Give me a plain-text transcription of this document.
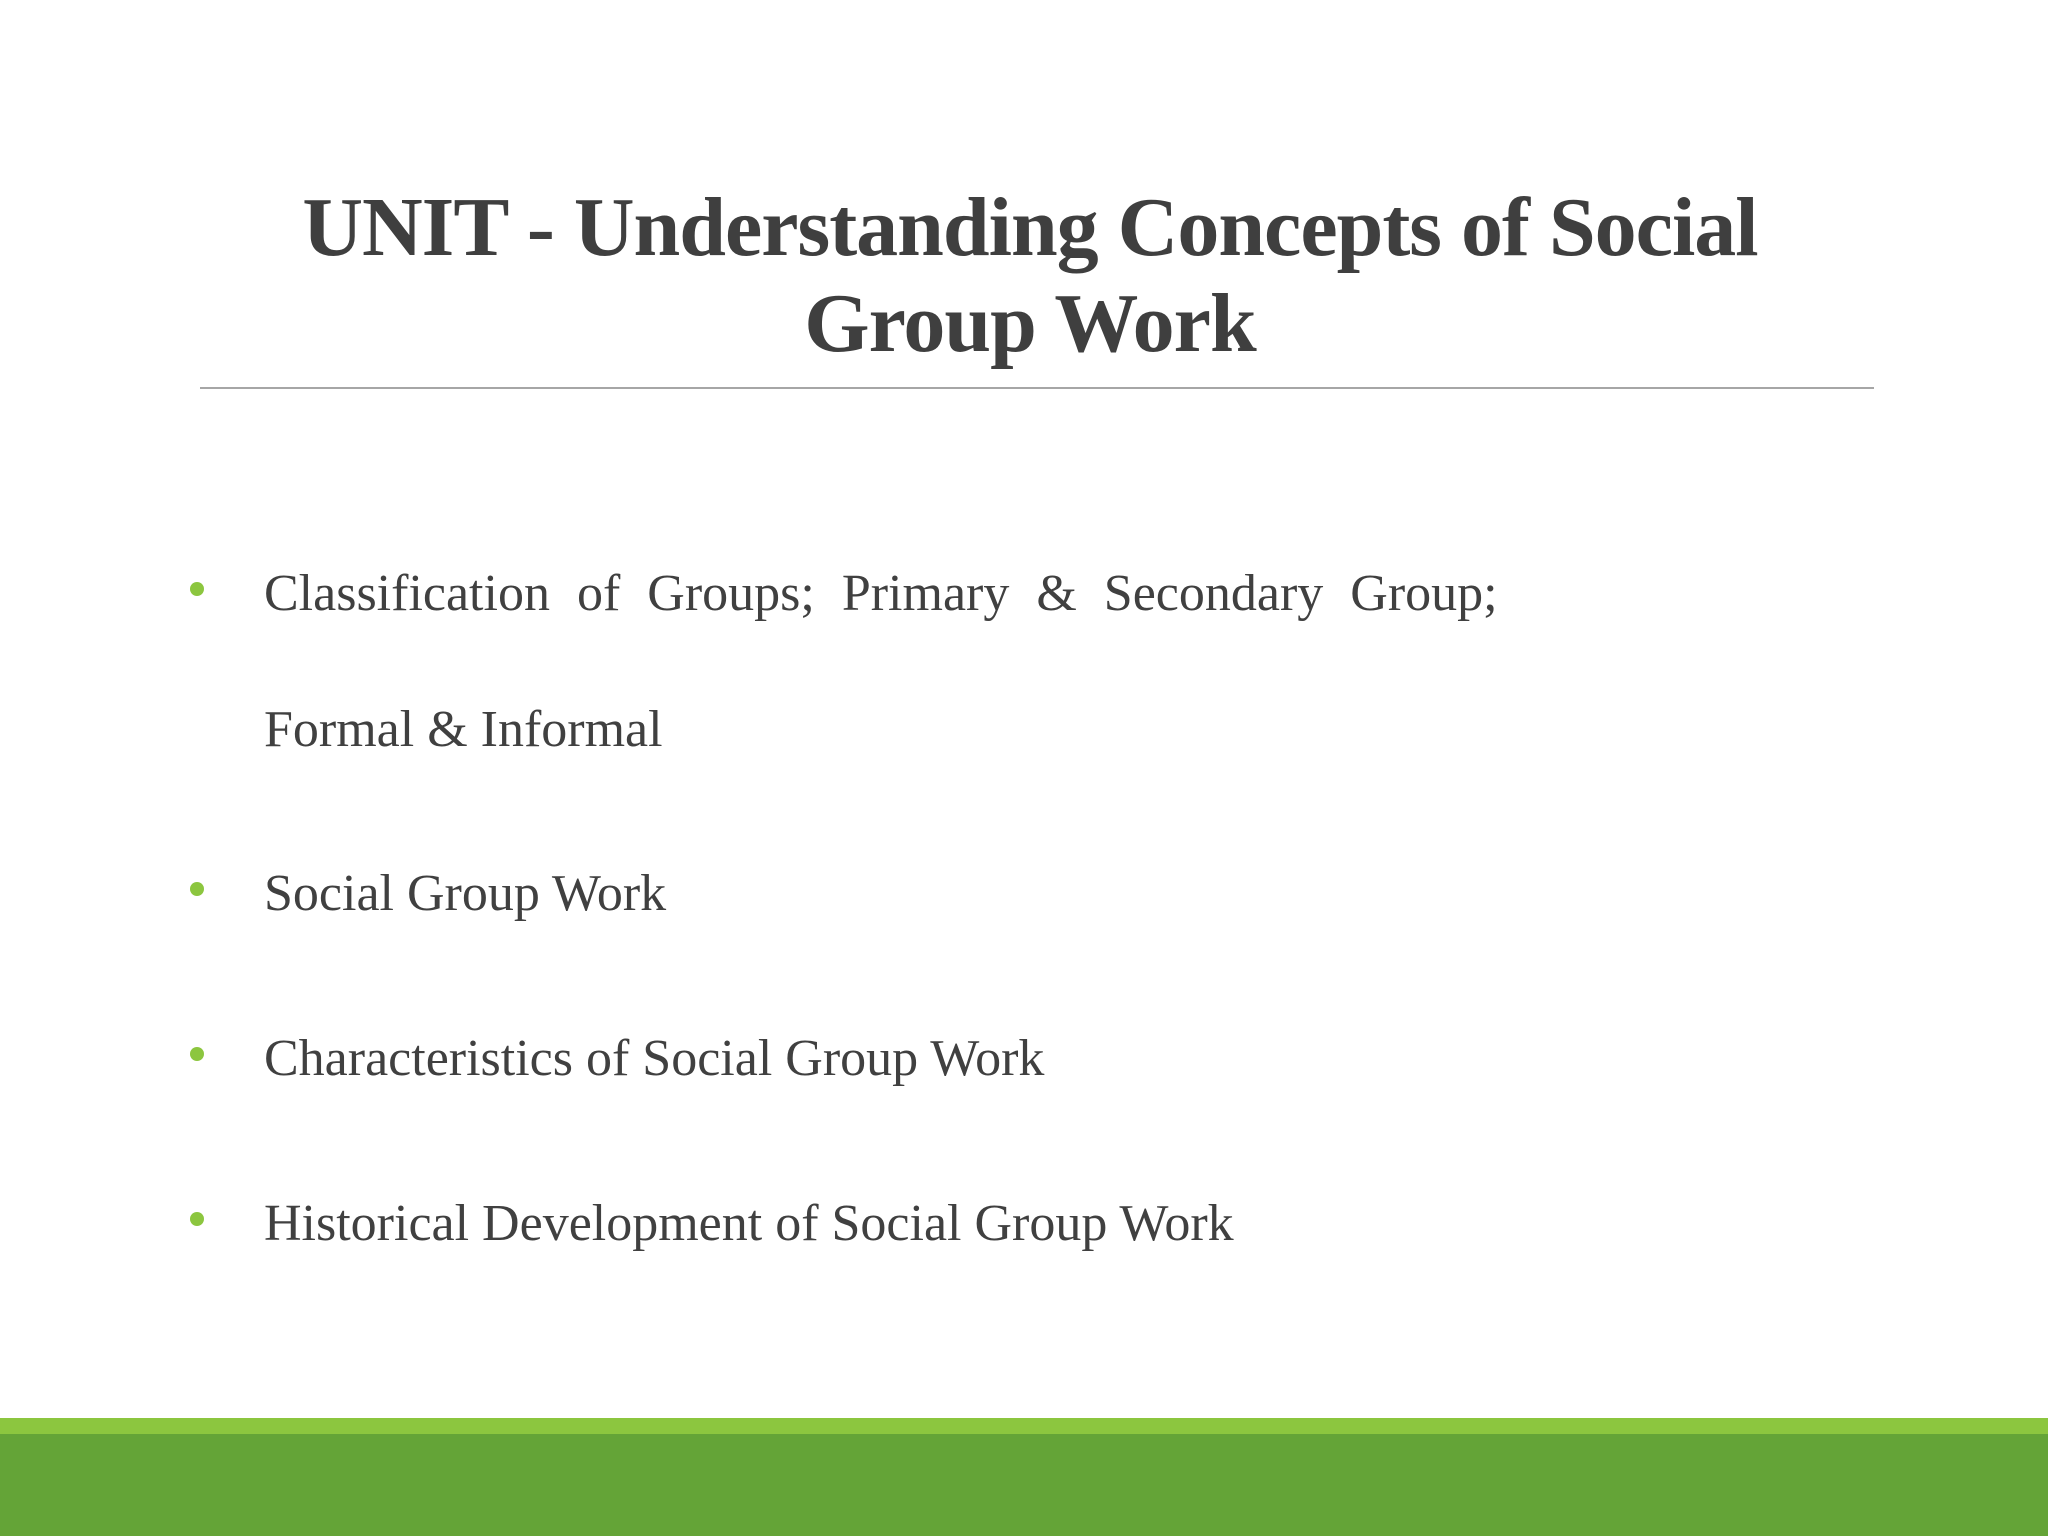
UNIT - Understanding Concepts of Social
Group Work
Classification of Groups; Primary & Secondary Group;
Formal & Informal
Social Group Work
Characteristics of Social Group Work
Historical Development of Social Group Work
